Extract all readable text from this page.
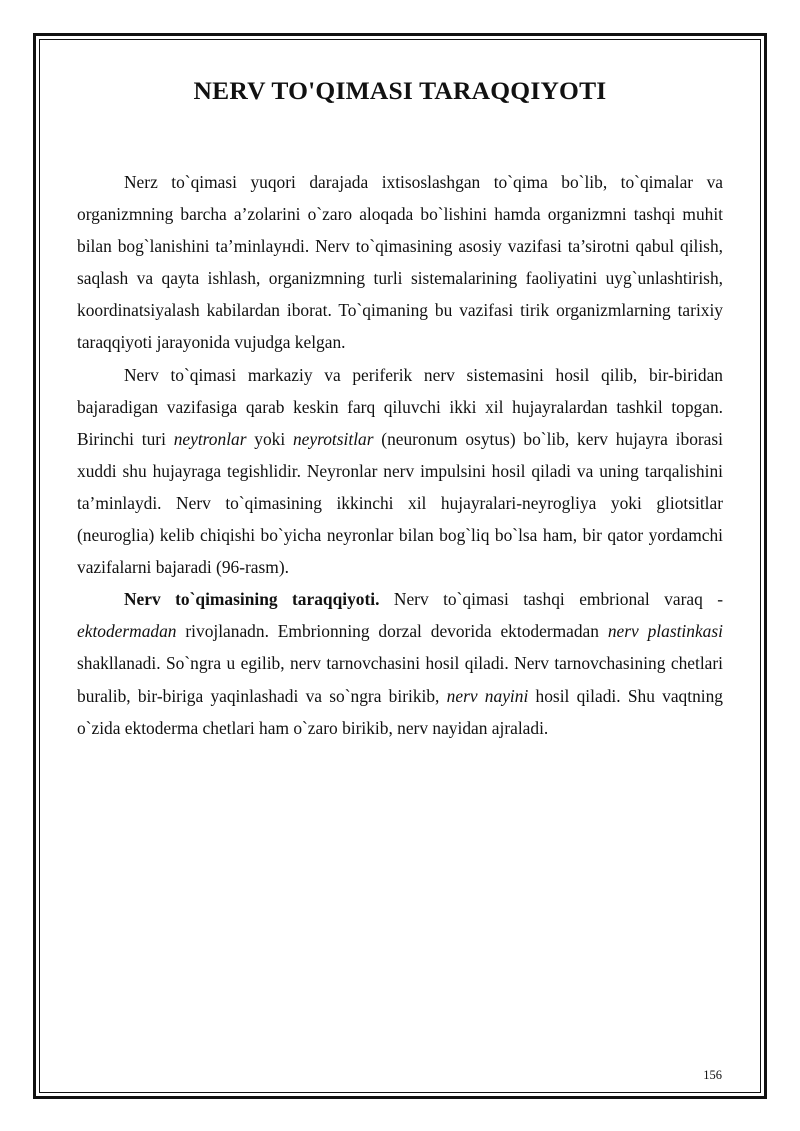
NERV TO'QIMASI TARAQQIYOTI

Nerz to`qimasi yuqori darajada ixtisoslashgan to`qima bo`lib, to`qimalar va organizmning barcha a’zolarini o`zaro aloqada bo`lishini hamda organizmni tashqi muhit bilan bog`lanishini ta’minlayнdi. Nerv to`qimasining asosiy vazifasi ta’sirotni qabul qilish, saqlash va qayta ishlash, organizmning turli sistemalarining faoliyatini uyg`unlashtirish, koordinatsiyalash kabilardan iborat. To`qimaning bu vazifasi tirik organizmlarning tarixiy taraqqiyoti jarayonida vujudga kelgan.

Nerv to`qimasi markaziy va periferik nerv sistemasini hosil qilib, bir-biridan bajaradigan vazifasiga qarab keskin farq qiluvchi ikki xil hujayralardan tashkil topgan. Birinchi turi neytronlar yoki neyrotsitlar (neuronum osytus) bo`lib, kerv hujayra iborasi xuddi shu hujayraga tegishlidir. Neyronlar nerv impulsini hosil qiladi va uning tarqalishini ta’minlaydi. Nerv to`qimasining ikkinchi xil hujayralari-neyrogliya yoki gliotsitlar (neuroglia) kelib chiqishi bo`yicha neyronlar bilan bog`liq bo`lsa ham, bir qator yordamchi vazifalarni bajaradi (96-rasm).

Nerv to`qimasining taraqqiyoti. Nerv to`qimasi tashqi embrional varaq - ektodermadan rivojlanadn. Embrionning dorzal devorida ektodermadan nerv plastinkasi shakllanadi. So`ngra u egilib, nerv tarnovchasini hosil qiladi. Nerv tarnovchasining chetlari buralib, bir-biriga yaqinlashadi va so`ngra birikib, nerv nayini hosil qiladi. Shu vaqtning o`zida ektoderma chetlari ham o`zaro birikib, nerv nayidan ajraladi.

156
